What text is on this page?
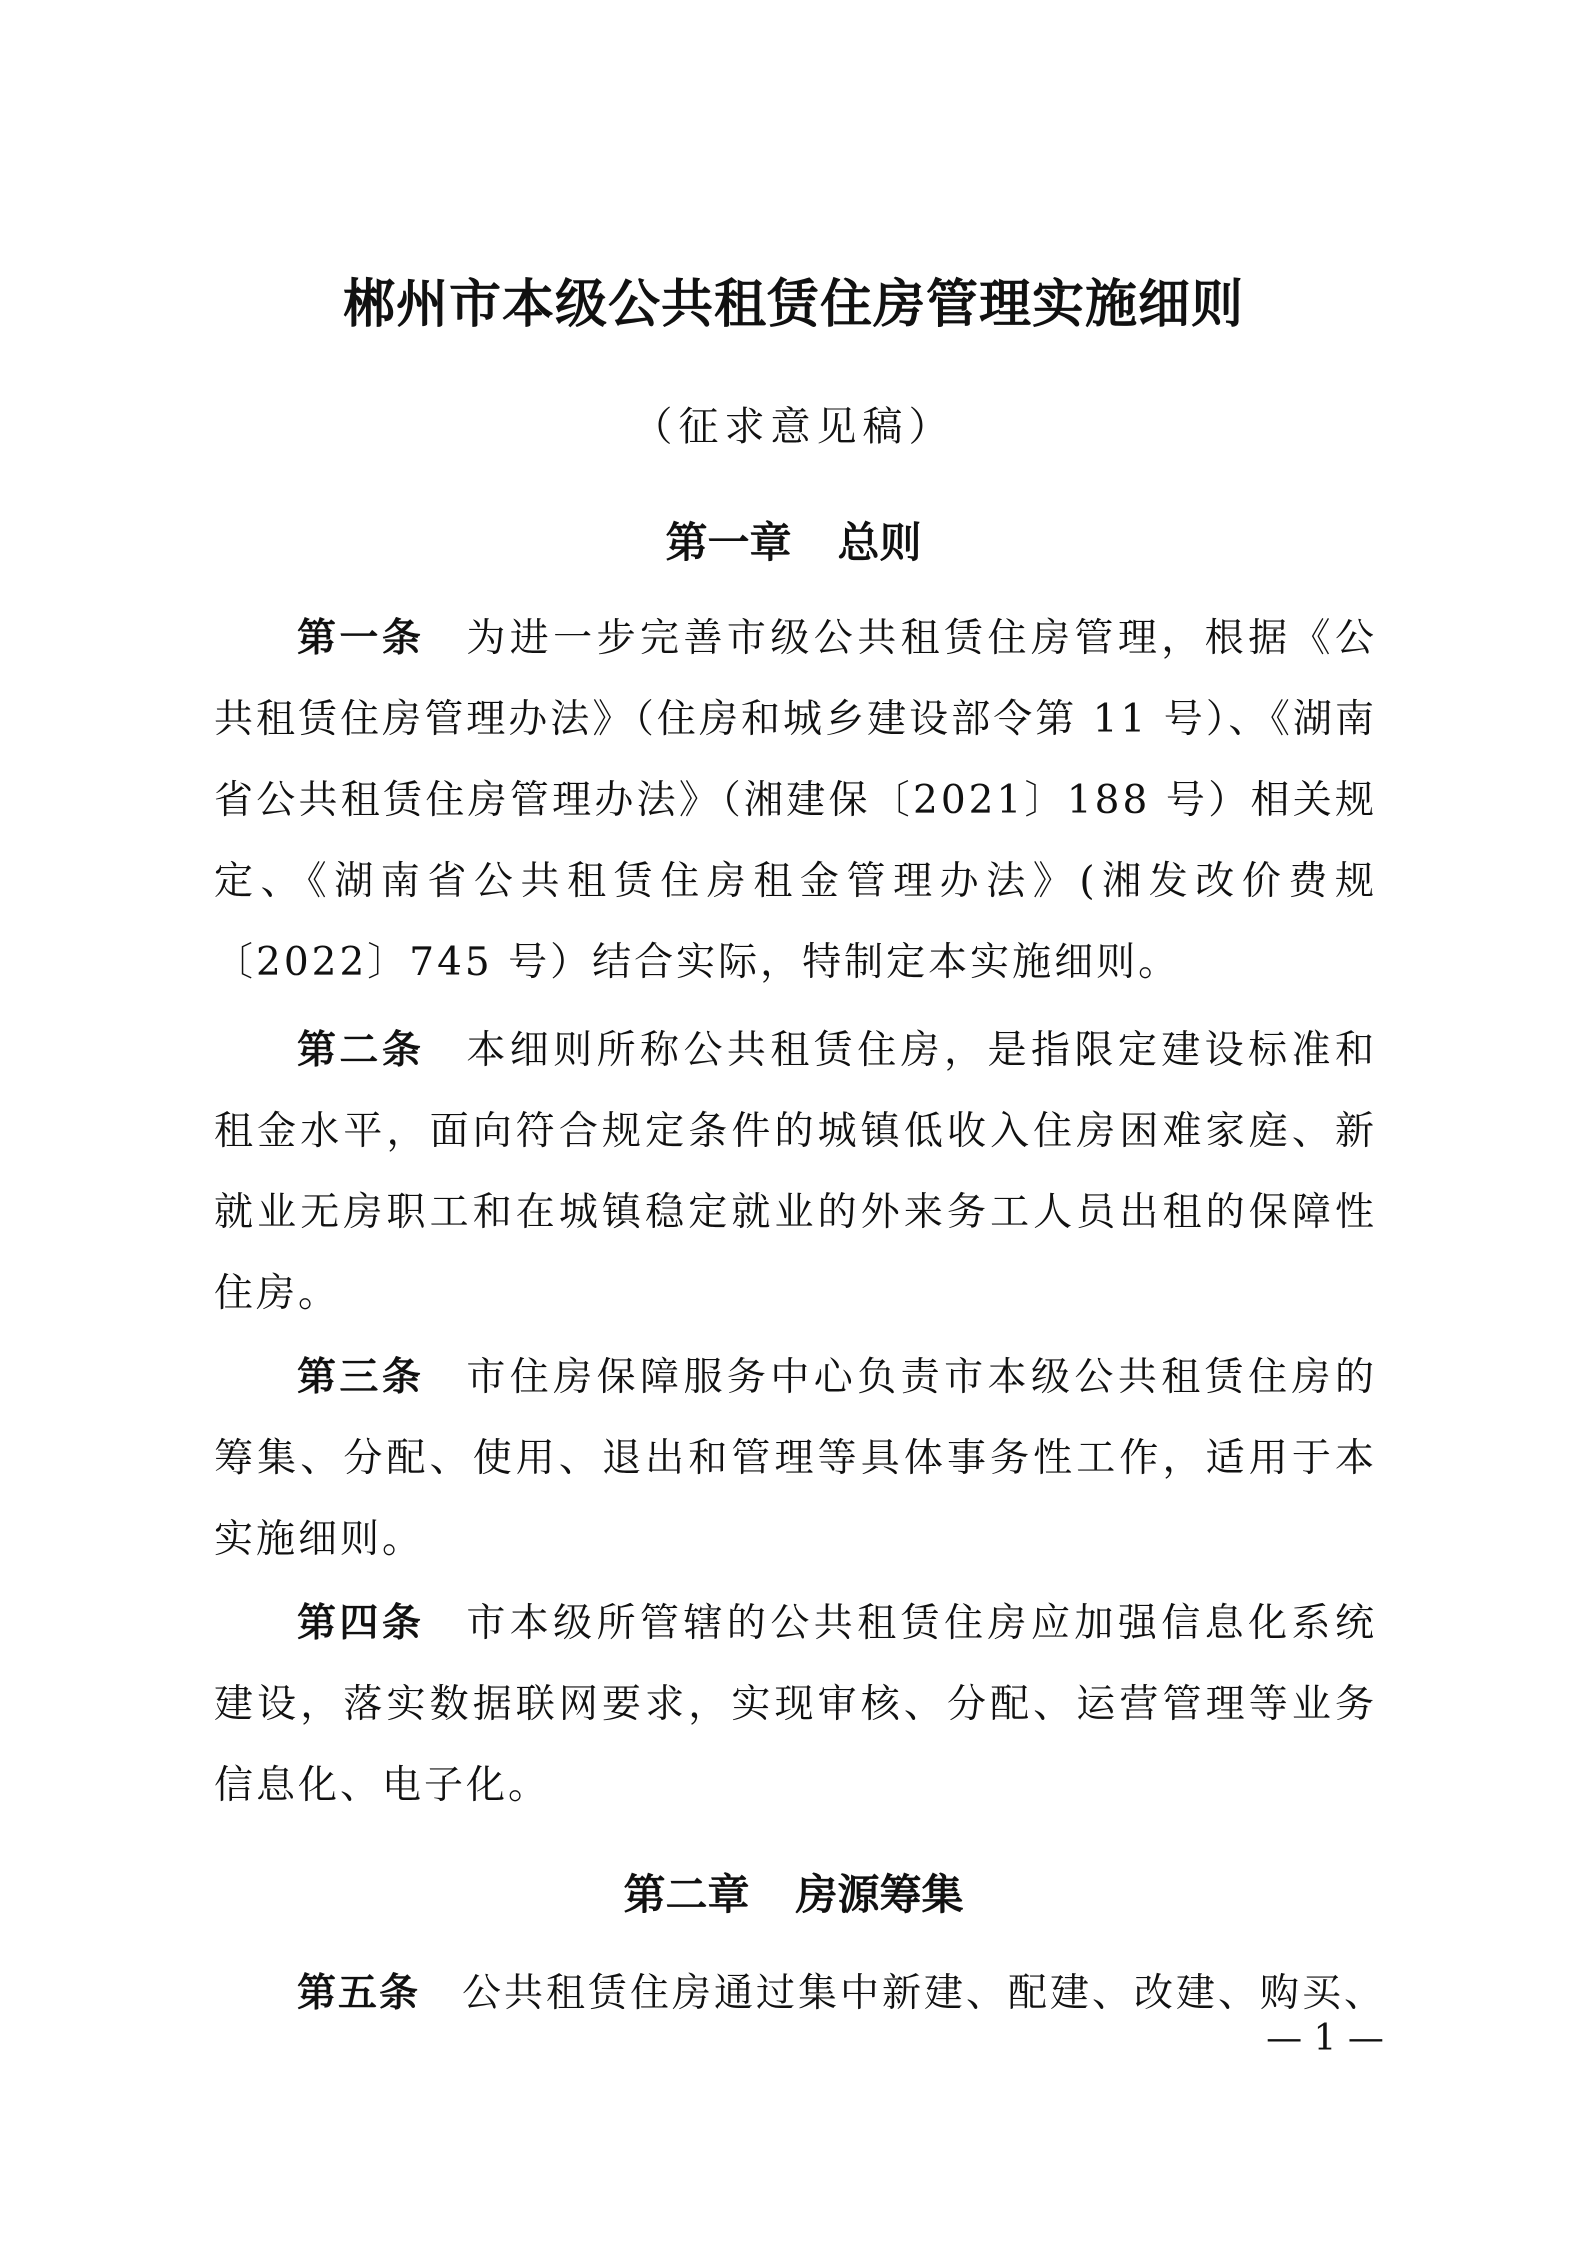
郴州市本级公共租赁住房管理实施细则
（征求意见稿）
第一章 总则
第一条 为进一步完善市级公共租赁住房管理，根据《公共租赁住房管理办法》（住房和城乡建设部令第 11 号）、《湖南省公共租赁住房管理办法》（湘建保〔2021〕188 号）相关规定、《湖南省公共租赁住房租金管理办法》(湘发改价费规〔2022〕745 号）结合实际，特制定本实施细则。
第二条 本细则所称公共租赁住房，是指限定建设标准和租金水平，面向符合规定条件的城镇低收入住房困难家庭、新就业无房职工和在城镇稳定就业的外来务工人员出租的保障性住房。
第三条 市住房保障服务中心负责市本级公共租赁住房的筹集、分配、使用、退出和管理等具体事务性工作，适用于本实施细则。
第四条 市本级所管辖的公共租赁住房应加强信息化系统建设，落实数据联网要求，实现审核、分配、运营管理等业务信息化、电子化。
第二章 房源筹集
第五条 公共租赁住房通过集中新建、配建、改建、购买、
— 1 —
